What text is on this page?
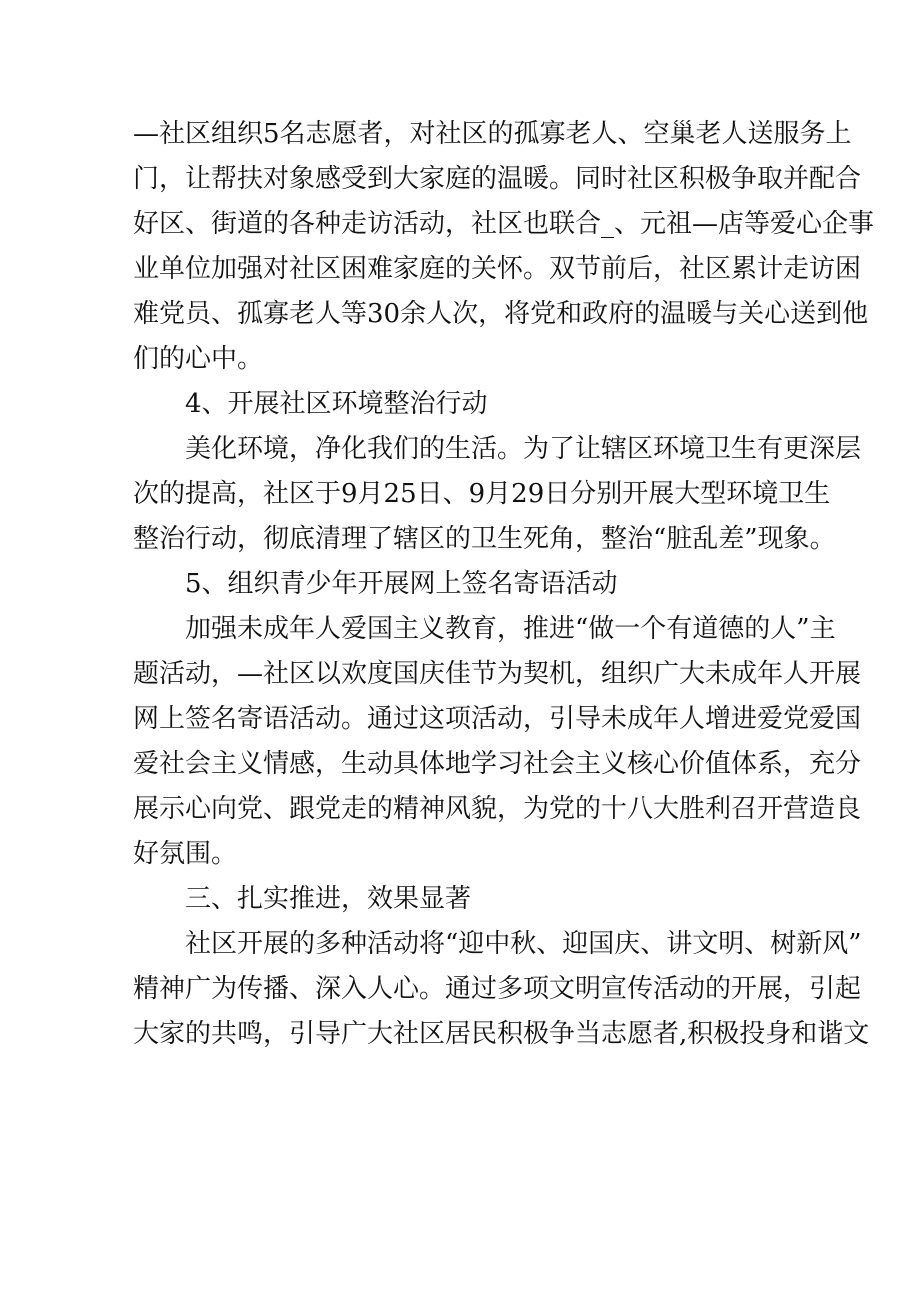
—社区组织5名志愿者，对社区的孤寡老人、空巢老人送服务上
门，让帮扶对象感受到大家庭的温暖。同时社区积极争取并配合
好区、街道的各种走访活动，社区也联合_、元祖—店等爱心企事
业单位加强对社区困难家庭的关怀。双节前后，社区累计走访困
难党员、孤寡老人等30余人次，将党和政府的温暖与关心送到他
们的心中。
4、开展社区环境整治行动
美化环境，净化我们的生活。为了让辖区环境卫生有更深层
次的提高，社区于9月25日、9月29日分别开展大型环境卫生
整治行动，彻底清理了辖区的卫生死角，整治“脏乱差”现象。
5、组织青少年开展网上签名寄语活动
加强未成年人爱国主义教育，推进“做一个有道德的人”主
题活动，—社区以欢度国庆佳节为契机，组织广大未成年人开展
网上签名寄语活动。通过这项活动，引导未成年人增进爱党爱国
爱社会主义情感，生动具体地学习社会主义核心价值体系，充分
展示心向党、跟党走的精神风貌，为党的十八大胜利召开营造良
好氛围。
三、扎实推进，效果显著
社区开展的多种活动将“迎中秋、迎国庆、讲文明、树新风”
精神广为传播、深入人心。通过多项文明宣传活动的开展，引起
大家的共鸣，引导广大社区居民积极争当志愿者,积极投身和谐文
